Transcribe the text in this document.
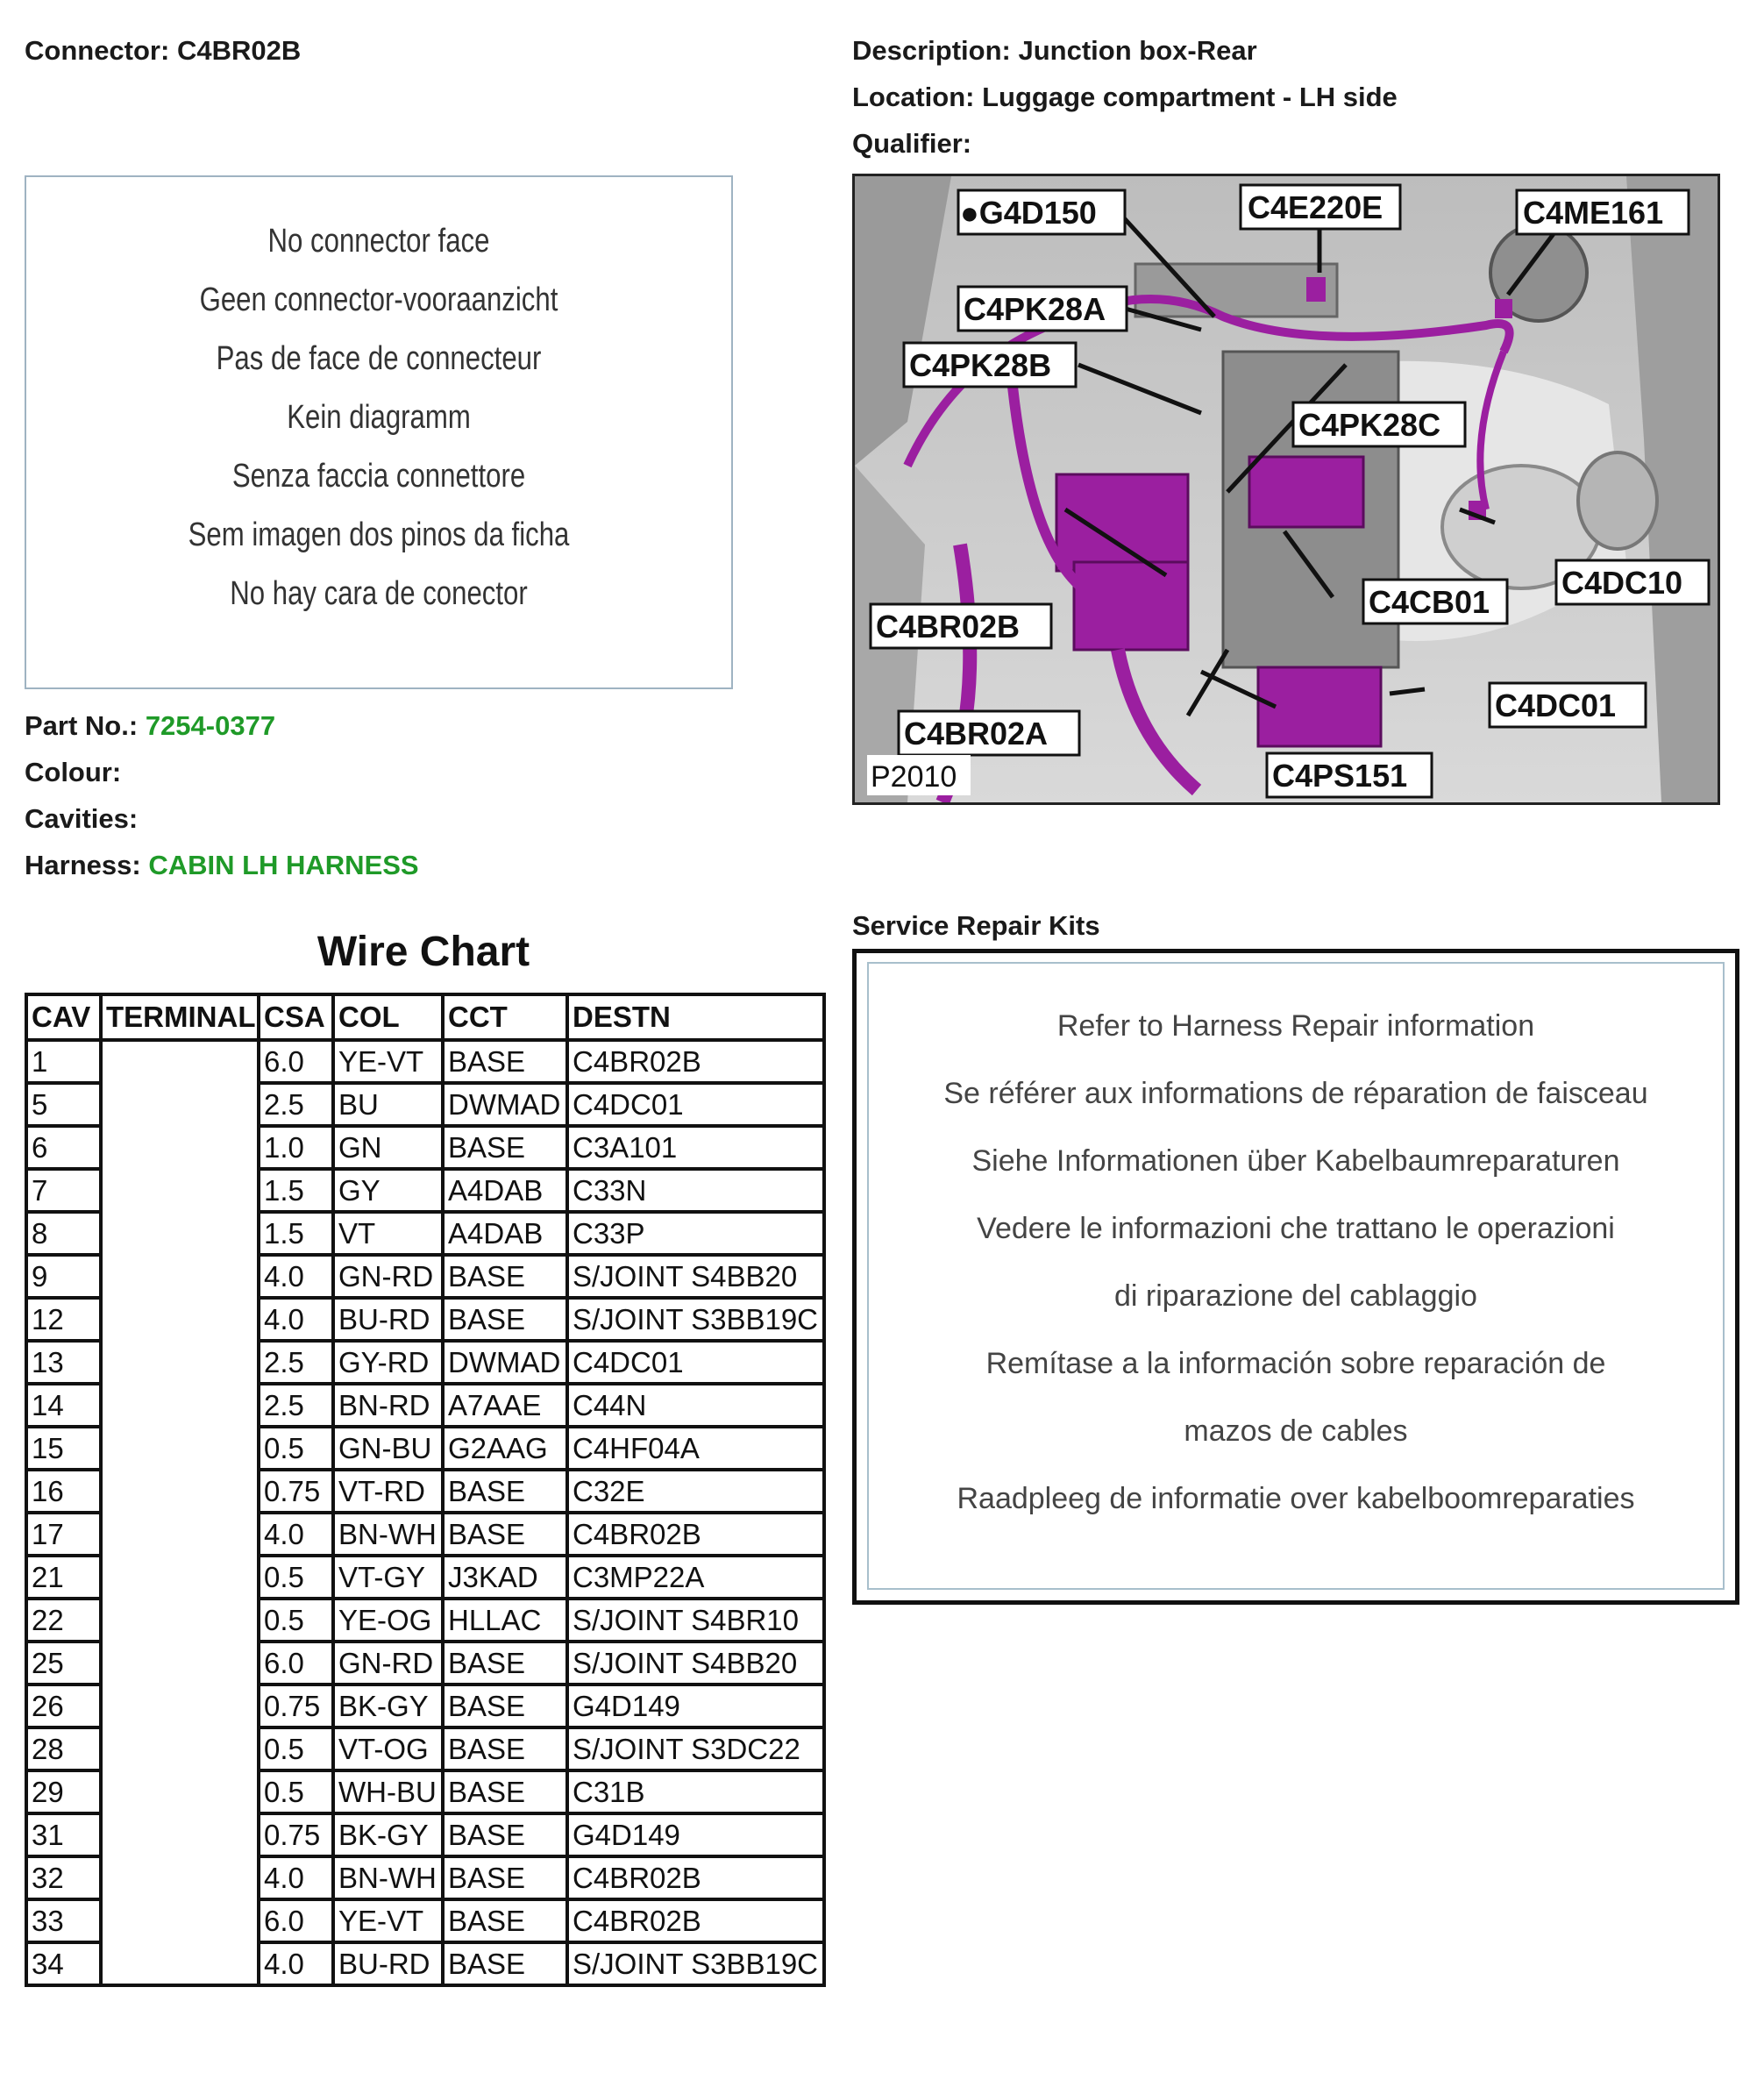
Connector: C4BR02B	Description: Junction box-Rear
Location: Luggage compartment - LH side
Qualifier:
No connector face
Geen connector-vooraanzicht
Pas de face de connecteur
Kein diagramm
Senza faccia connettore
Sem imagen dos pinos da ficha
No hay cara de conector
Part No.: 7254-0377
Colour:
Cavities:
Harness: CABIN LH HARNESS
●G4D150	C4E220E	C4ME161
C4PK28A
C4PK28B
C4PK28C
C4DC10
C4CB01
C4BR02B
C4DC01
C4BR02A
C4PS151
P2010
Wire Chart
CAV	TERMINAL	CSA	COL	CCT	DESTN
1		6.0	YE-VT	BASE	C4BR02B
5		2.5	BU	DWMAD	C4DC01
6		1.0	GN	BASE	C3A101
7		1.5	GY	A4DAB	C33N
8		1.5	VT	A4DAB	C33P
9		4.0	GN-RD	BASE	S/JOINT S4BB20
12		4.0	BU-RD	BASE	S/JOINT S3BB19C
13		2.5	GY-RD	DWMAD	C4DC01
14		2.5	BN-RD	A7AAE	C44N
15		0.5	GN-BU	G2AAG	C4HF04A
16		0.75	VT-RD	BASE	C32E
17		4.0	BN-WH	BASE	C4BR02B
21		0.5	VT-GY	J3KAD	C3MP22A
22		0.5	YE-OG	HLLAC	S/JOINT S4BR10
25		6.0	GN-RD	BASE	S/JOINT S4BB20
26		0.75	BK-GY	BASE	G4D149
28		0.5	VT-OG	BASE	S/JOINT S3DC22
29		0.5	WH-BU	BASE	C31B
31		0.75	BK-GY	BASE	G4D149
32		4.0	BN-WH	BASE	C4BR02B
33		6.0	YE-VT	BASE	C4BR02B
34		4.0	BU-RD	BASE	S/JOINT S3BB19C
Service Repair Kits
Refer to Harness Repair information
Se référer aux informations de réparation de faisceau
Siehe Informationen über Kabelbaumreparaturen
Vedere le informazioni che trattano le operazioni
di riparazione del cablaggio
Remítase a la información sobre reparación de
mazos de cables
Raadpleeg de informatie over kabelboomreparaties
